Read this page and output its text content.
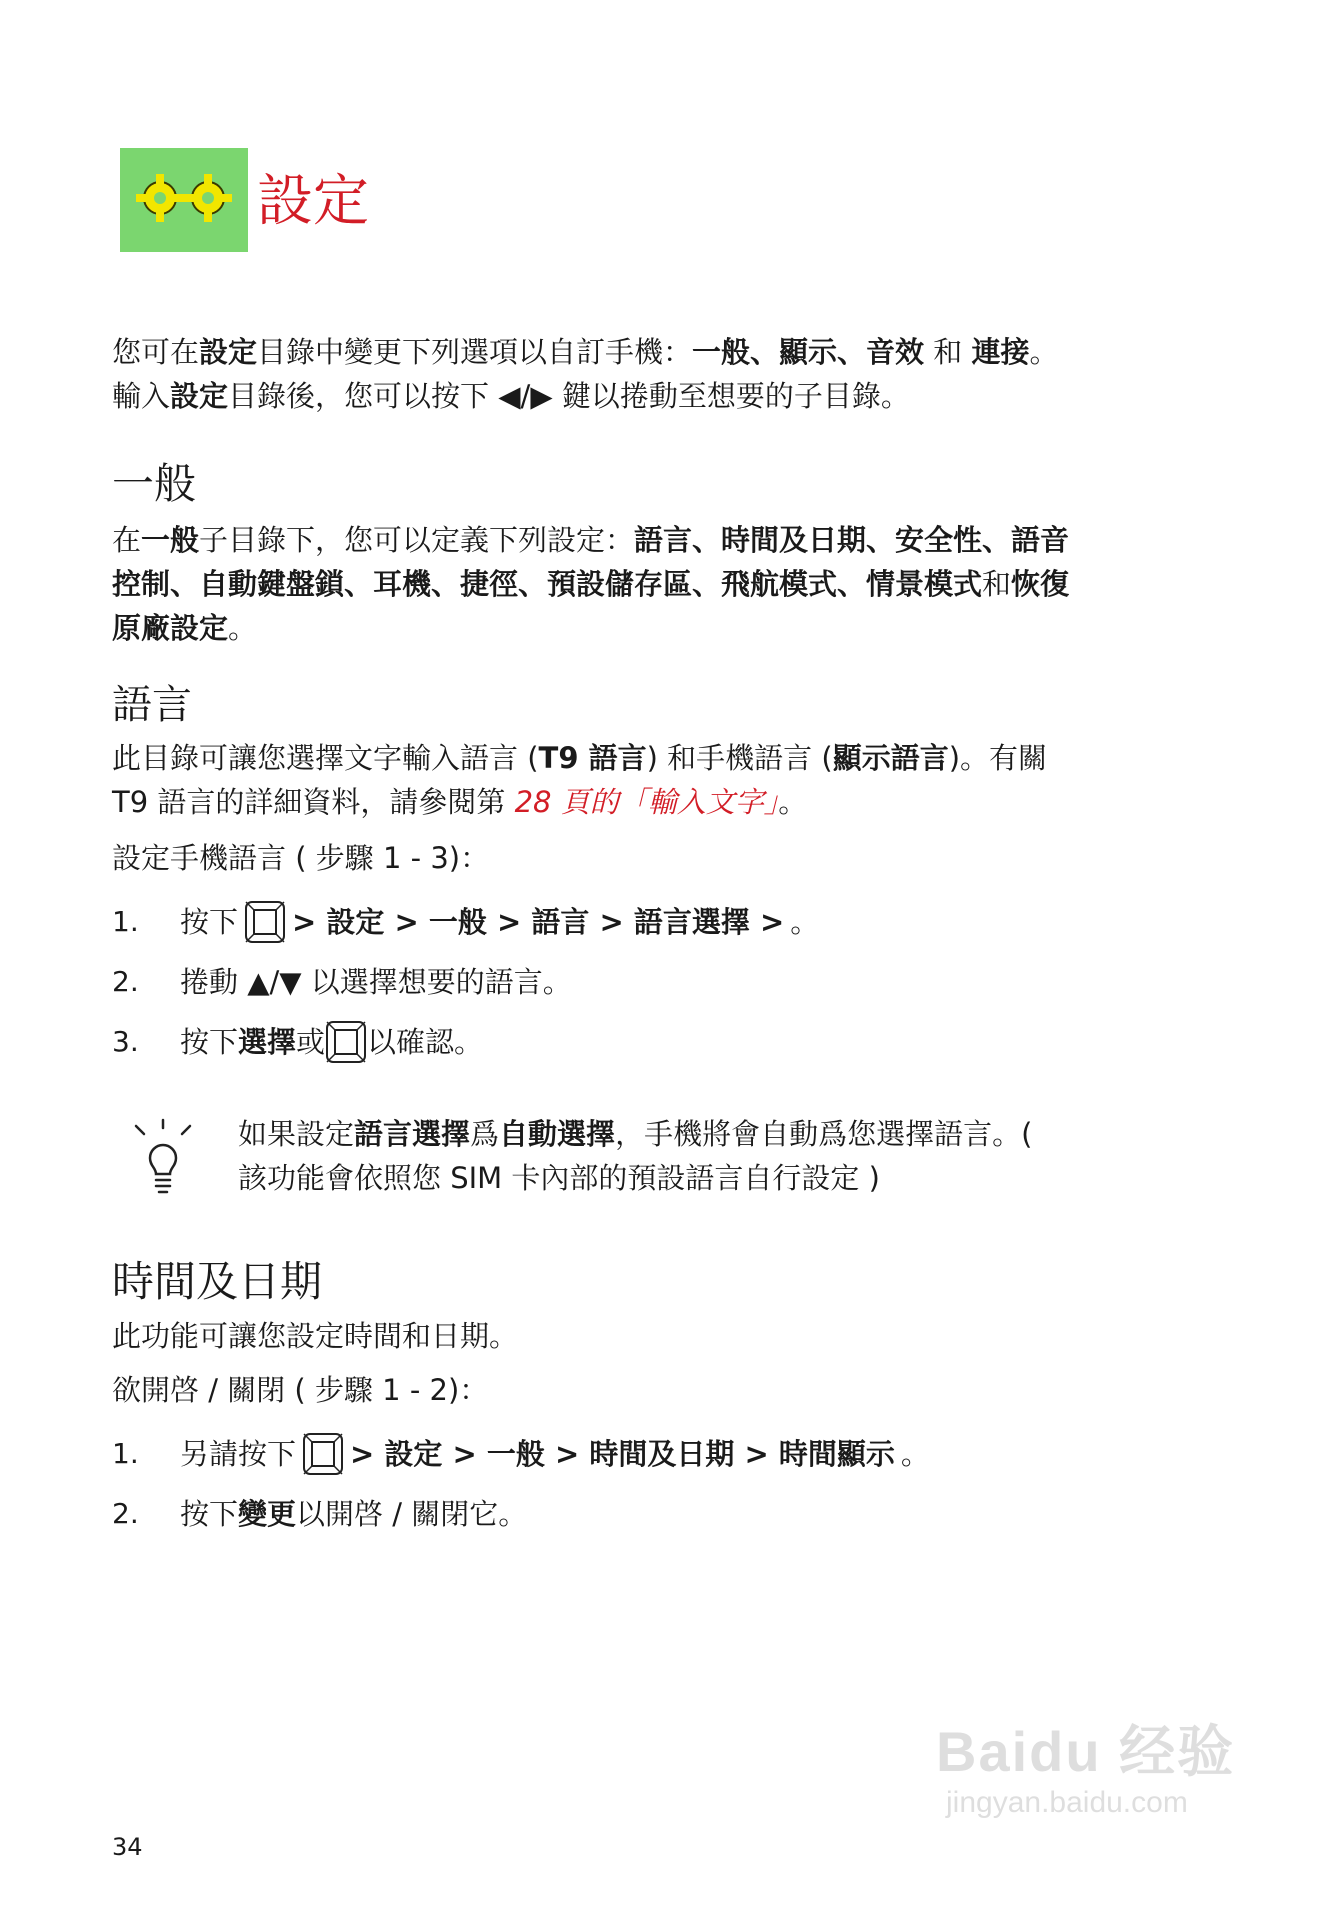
設定
您可在設定目錄中變更下列選項以自訂手機：一般、顯示、音效 和 連接。
輸入設定目錄後，您可以按下 ◀/▶ 鍵以捲動至想要的子目錄。
一般
在一般子目錄下，您可以定義下列設定：語言、時間及日期、安全性、語音
控制、自動鍵盤鎖、耳機、捷徑、預設儲存區、飛航模式、情景模式和恢復
原廠設定。
語言
此目錄可讓您選擇文字輸入語言 (T9 語言) 和手機語言 (顯示語言)。有關
T9 語言的詳細資料，請參閱第 28 頁的「輸入文字」。
設定手機語言 ( 步驟 1 - 3)：
1. 按下 > 設定 > 一般 > 語言 > 語言選擇 > 。
2. 捲動 ▲/▼ 以選擇想要的語言。
3. 按下 選擇 或 以確認。
如果設定語言選擇爲自動選擇，手機將會自動爲您選擇語言。(
該功能會依照您 SIM 卡內部的預設語言自行設定 )
時間及日期
此功能可讓您設定時間和日期。
欲開啓 / 關閉 ( 步驟 1 - 2)：
1. 另請按下 > 設定 > 一般 > 時間及日期 > 時間顯示 。
2. 按下 變更 以開啓 / 關閉它。
34
Baidu 经验
jingyan.baidu.com
